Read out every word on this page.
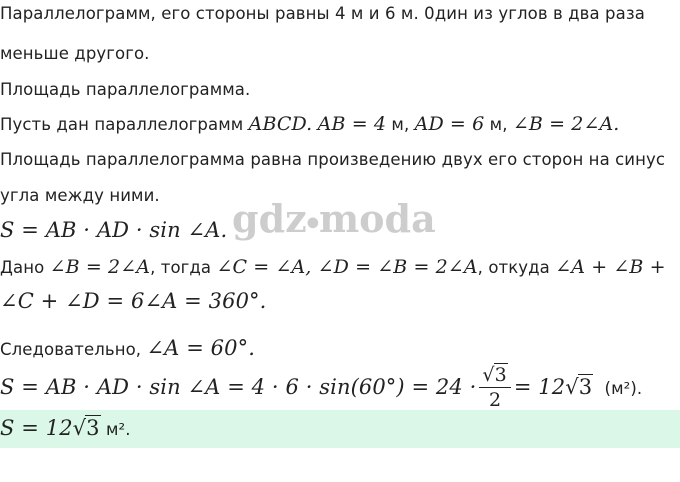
Параллелограмм, его стороны равны 4 м и 6 м. 0дин из углов в два раза
меньше другого.
Площадь параллелограмма.
Пусть дан параллелограмм ABCD. AB = 4 м, AD = 6 м, ∠B = 2∠A.
Площадь параллелограмма равна произведению двух его сторон на синус
угла между ними.
S = AB · AD · sin ∠A. gdz●moda
Дано ∠B = 2∠A, тогда ∠C = ∠A, ∠D = ∠B = 2∠A, откуда ∠A + ∠B +
∠C + ∠D = 6∠A = 360°.
Следовательно, ∠A = 60°.
S = AB · AD · sin ∠A = $4 \cdot 6 \cdot \sin(60^\circ) = 24 \cdot \frac{√3}{2} = 12√3$ (м²).
S = 12√3 м².
